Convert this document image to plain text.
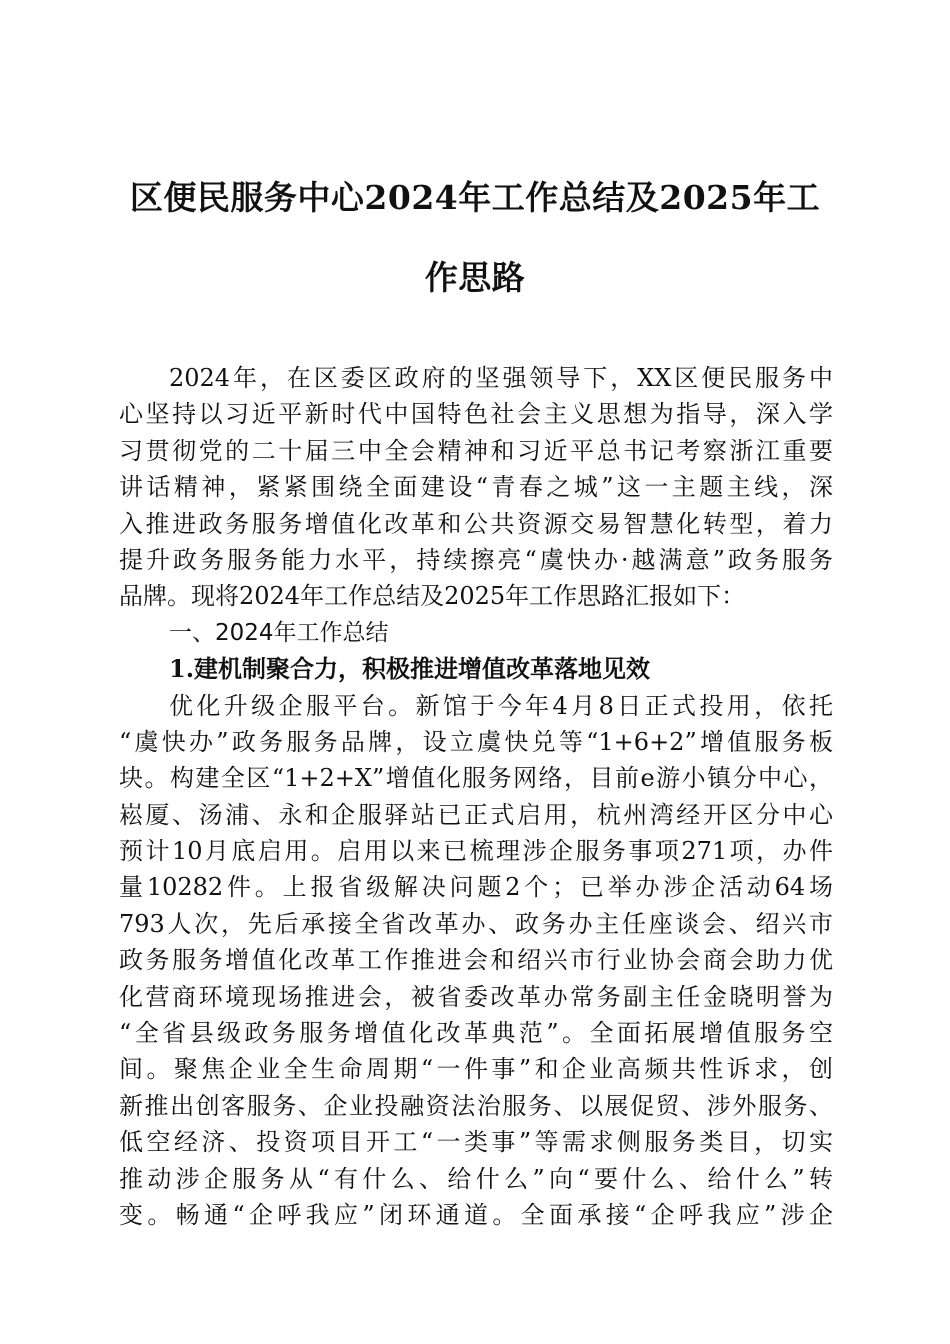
区便民服务中心2024年工作总结及2025年工
作思路
2024年，在区委区政府的坚强领导下，XX区便民服务中
心坚持以习近平新时代中国特色社会主义思想为指导，深入学
习贯彻党的二十届三中全会精神和习近平总书记考察浙江重要
讲话精神，紧紧围绕全面建设“青春之城”这一主题主线，深
入推进政务服务增值化改革和公共资源交易智慧化转型，着力
提升政务服务能力水平，持续擦亮“虞快办·越满意”政务服务
品牌。现将2024年工作总结及2025年工作思路汇报如下：
一、2024年工作总结
1.建机制聚合力，积极推进增值改革落地见效
优化升级企服平台。新馆于今年4月8日正式投用，依托
“虞快办”政务服务品牌，设立虞快兑等“1+6+2”增值服务板
块。构建全区“1+2+X”增值化服务网络，目前e游小镇分中心，
崧厦、汤浦、永和企服驿站已正式启用，杭州湾经开区分中心
预计10月底启用。启用以来已梳理涉企服务事项271项，办件
量10282件。上报省级解决问题2个；已举办涉企活动64场
793人次，先后承接全省改革办、政务办主任座谈会、绍兴市
政务服务增值化改革工作推进会和绍兴市行业协会商会助力优
化营商环境现场推进会，被省委改革办常务副主任金晓明誉为
“全省县级政务服务增值化改革典范”。全面拓展增值服务空
间。聚焦企业全生命周期“一件事”和企业高频共性诉求，创
新推出创客服务、企业投融资法治服务、以展促贸、涉外服务、
低空经济、投资项目开工“一类事”等需求侧服务类目，切实
推动涉企服务从“有什么、给什么”向“要什么、给什么”转
变。畅通“企呼我应”闭环通道。全面承接“企呼我应”涉企
